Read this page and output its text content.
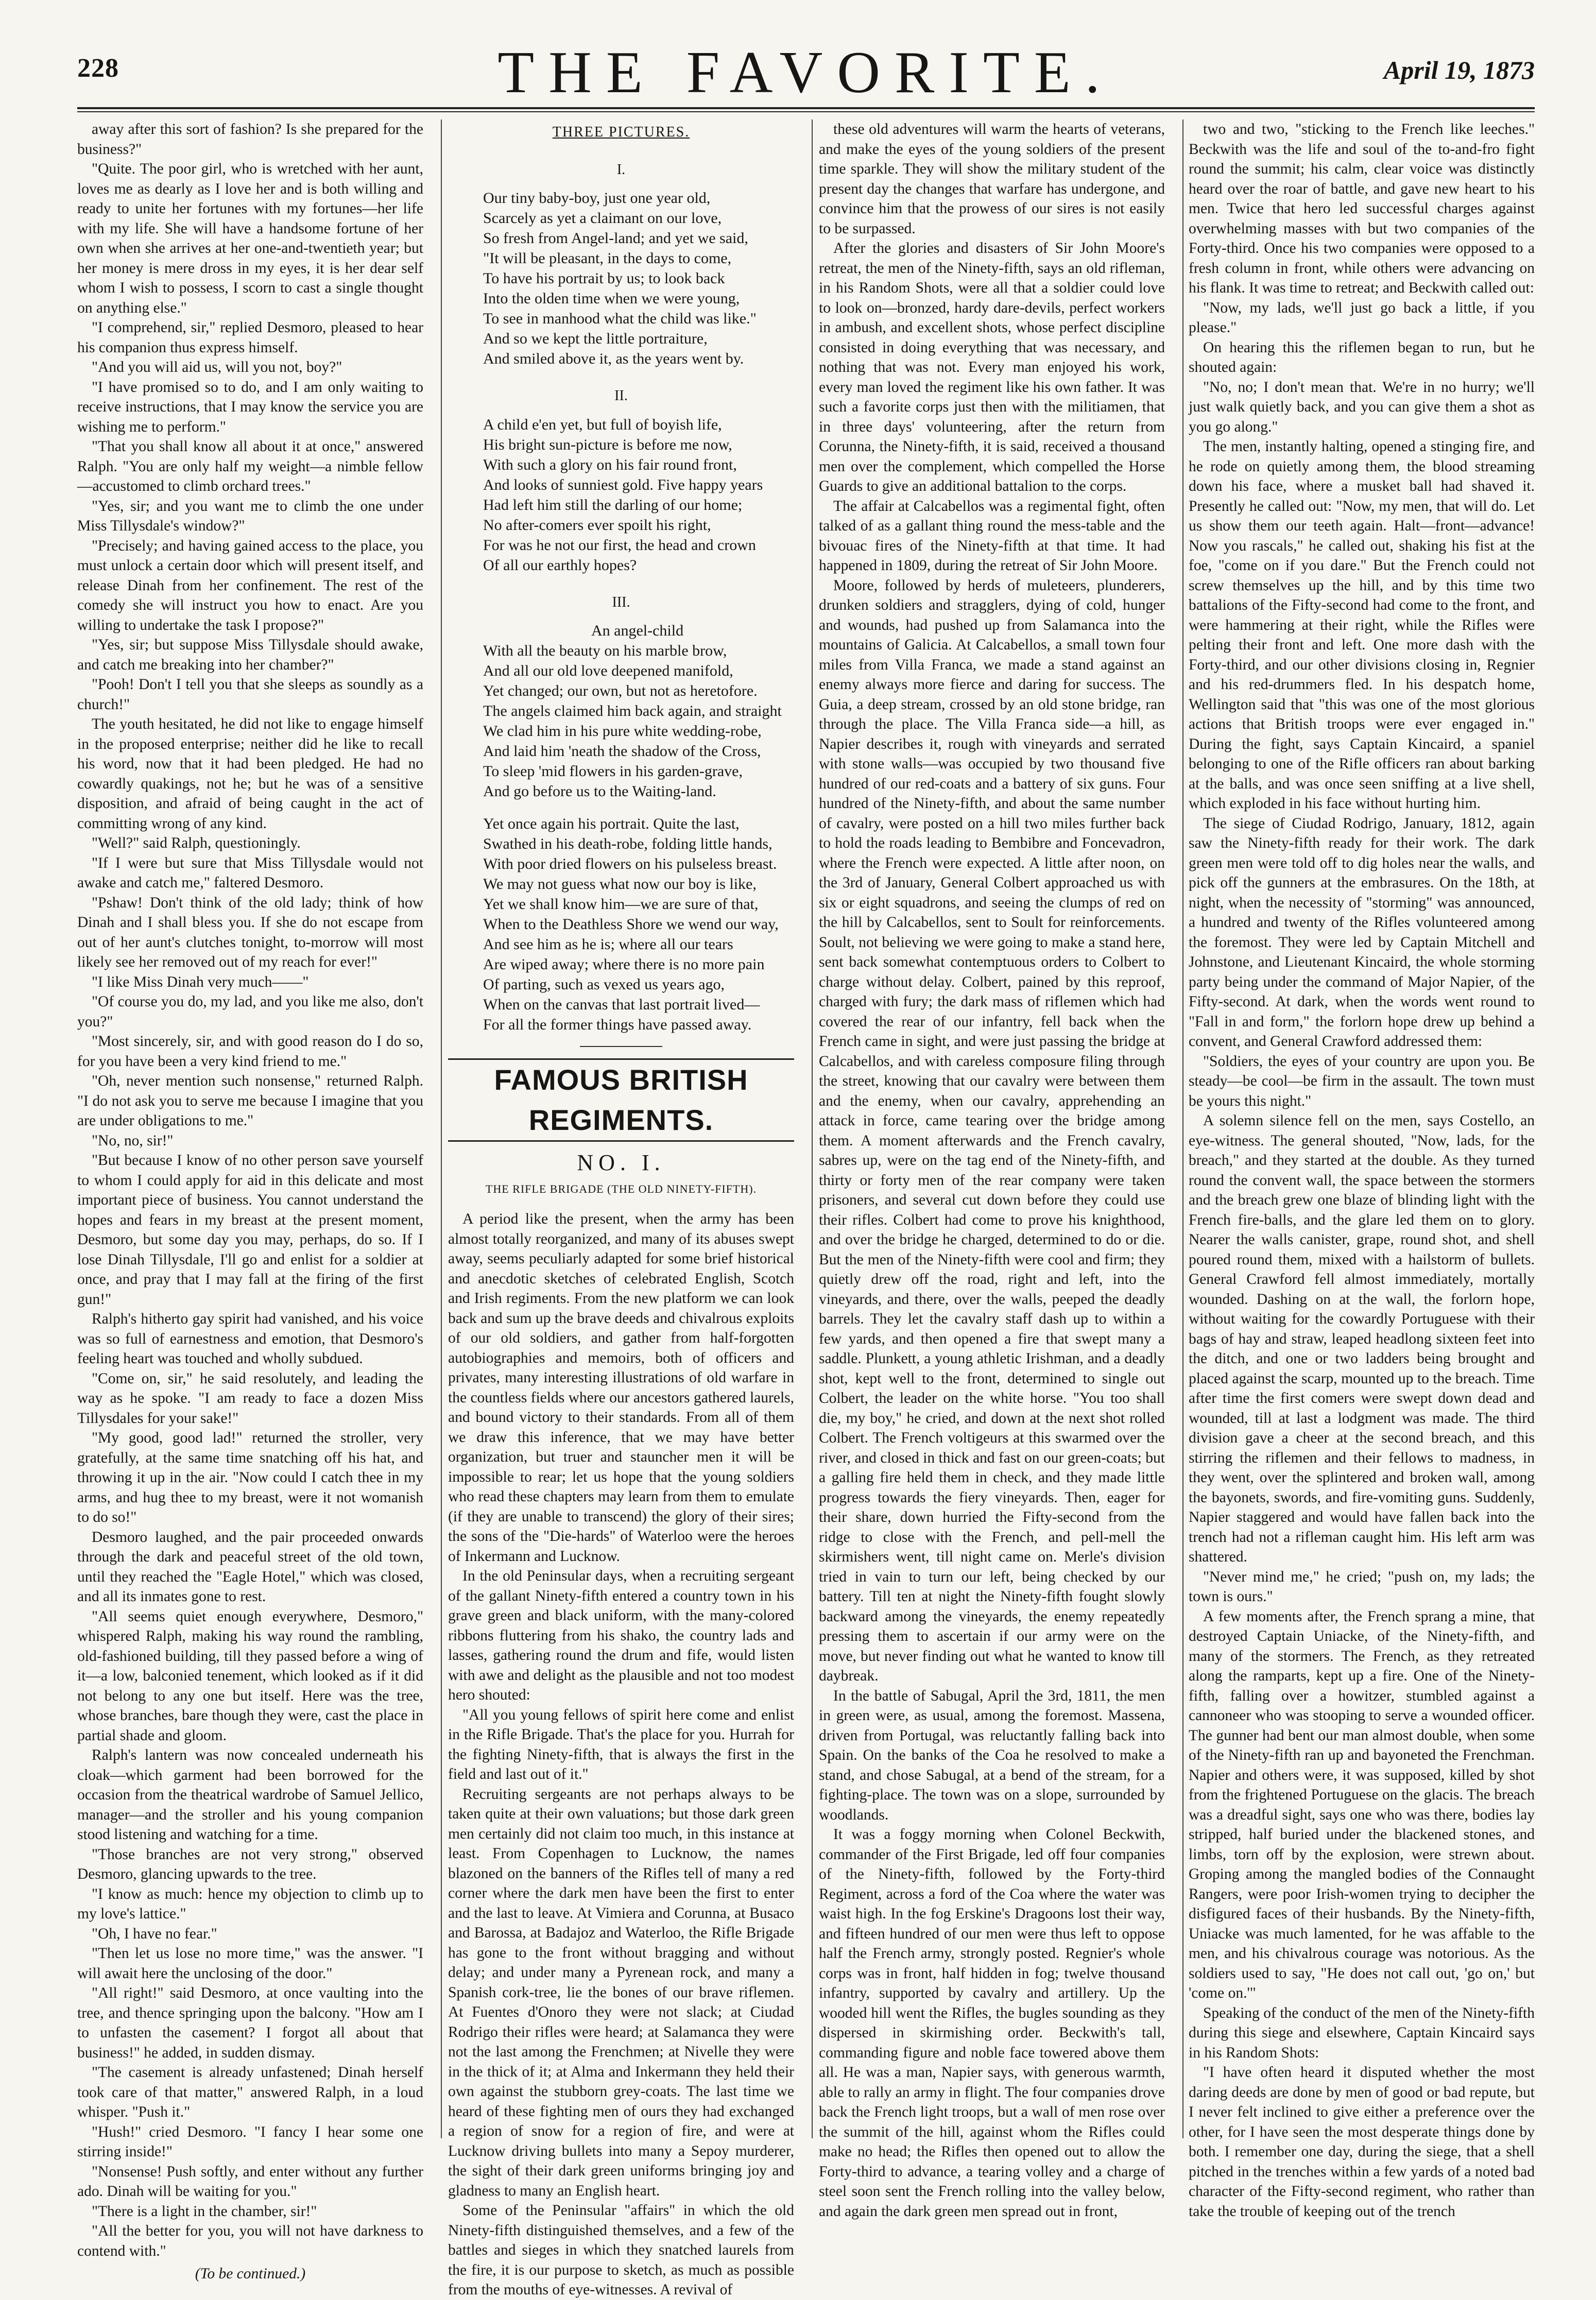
228	THE FAVORITE.	April 19, 1873

away after this sort of fashion? Is she prepared for the business?"

"Quite. The poor girl, who is wretched with her aunt, loves me as dearly as I love her and is both willing and ready to unite her fortunes with my fortunes—her life with my life. She will have a handsome fortune of her own when she arrives at her one-and-twentieth year; but her money is mere dross in my eyes, it is her dear self whom I wish to possess, I scorn to cast a single thought on anything else."

"I comprehend, sir," replied Desmoro, pleased to hear his companion thus express himself.

"And you will aid us, will you not, boy?"

"I have promised so to do, and I am only waiting to receive instructions, that I may know the service you are wishing me to perform."

"That you shall know all about it at once," answered Ralph. "You are only half my weight—a nimble fellow—accustomed to climb orchard trees."

"Yes, sir; and you want me to climb the one under Miss Tillysdale's window?"

"Precisely; and having gained access to the place, you must unlock a certain door which will present itself, and release Dinah from her confinement. The rest of the comedy she will instruct you how to enact. Are you willing to undertake the task I propose?"

"Yes, sir; but suppose Miss Tillysdale should awake, and catch me breaking into her chamber?"

"Pooh! Don't I tell you that she sleeps as soundly as a church!"

The youth hesitated, he did not like to engage himself in the proposed enterprise; neither did he like to recall his word, now that it had been pledged. He had no cowardly quakings, not he; but he was of a sensitive disposition, and afraid of being caught in the act of committing wrong of any kind.

"Well?" said Ralph, questioningly.

"If I were but sure that Miss Tillysdale would not awake and catch me," faltered Desmoro.

"Pshaw! Don't think of the old lady; think of how Dinah and I shall bless you. If she do not escape from out of her aunt's clutches tonight, to-morrow will most likely see her removed out of my reach for ever!"

"I like Miss Dinah very much——"

"Of course you do, my lad, and you like me also, don't you?"

"Most sincerely, sir, and with good reason do I do so, for you have been a very kind friend to me."

"Oh, never mention such nonsense," returned Ralph. "I do not ask you to serve me because I imagine that you are under obligations to me."

"No, no, sir!"

"But because I know of no other person save yourself to whom I could apply for aid in this delicate and most important piece of business. You cannot understand the hopes and fears in my breast at the present moment, Desmoro, but some day you may, perhaps, do so. If I lose Dinah Tillysdale, I'll go and enlist for a soldier at once, and pray that I may fall at the firing of the first gun!"

Ralph's hitherto gay spirit had vanished, and his voice was so full of earnestness and emotion, that Desmoro's feeling heart was touched and wholly subdued.

"Come on, sir," he said resolutely, and leading the way as he spoke. "I am ready to face a dozen Miss Tillysdales for your sake!"

"My good, good lad!" returned the stroller, very gratefully, at the same time snatching off his hat, and throwing it up in the air. "Now could I catch thee in my arms, and hug thee to my breast, were it not womanish to do so!"

Desmoro laughed, and the pair proceeded onwards through the dark and peaceful street of the old town, until they reached the "Eagle Hotel," which was closed, and all its inmates gone to rest.

"All seems quiet enough everywhere, Desmoro," whispered Ralph, making his way round the rambling, old-fashioned building, till they passed before a wing of it—a low, balconied tenement, which looked as if it did not belong to any one but itself. Here was the tree, whose branches, bare though they were, cast the place in partial shade and gloom.

Ralph's lantern was now concealed underneath his cloak—which garment had been borrowed for the occasion from the theatrical wardrobe of Samuel Jellico, manager—and the stroller and his young companion stood listening and watching for a time.

"Those branches are not very strong," observed Desmoro, glancing upwards to the tree.

"I know as much: hence my objection to climb up to my love's lattice."

"Oh, I have no fear."

"Then let us lose no more time," was the answer. "I will await here the unclosing of the door."

"All right!" said Desmoro, at once vaulting into the tree, and thence springing upon the balcony. "How am I to unfasten the casement? I forgot all about that business!" he added, in sudden dismay.

"The casement is already unfastened; Dinah herself took care of that matter," answered Ralph, in a loud whisper. "Push it."

"Hush!" cried Desmoro. "I fancy I hear some one stirring inside!"

"Nonsense! Push softly, and enter without any further ado. Dinah will be waiting for you."

"There is a light in the chamber, sir!"

"All the better for you, you will not have darkness to contend with."

(To be continued.)
THREE PICTURES.
I.

Our tiny baby-boy, just one year old,

Scarcely as yet a claimant on our love,

So fresh from Angel-land; and yet we said,

"It will be pleasant, in the days to come,

To have his portrait by us; to look back

Into the olden time when we were young,

To see in manhood what the child was like."

And so we kept the little portraiture,

And smiled above it, as the years went by.

II.

A child e'en yet, but full of boyish life,

His bright sun-picture is before me now,

With such a glory on his fair round front,

And looks of sunniest gold. Five happy years

Had left him still the darling of our home;

No after-comers ever spoilt his right,

For was he not our first, the head and crown

Of all our earthly hopes?

III.

An angel-child

With all the beauty on his marble brow,

And all our old love deepened manifold,

Yet changed; our own, but not as heretofore.

The angels claimed him back again, and straight

We clad him in his pure white wedding-robe,

And laid him 'neath the shadow of the Cross,

To sleep 'mid flowers in his garden-grave,

And go before us to the Waiting-land.

Yet once again his portrait. Quite the last,

Swathed in his death-robe, folding little hands,

With poor dried flowers on his pulseless breast.

We may not guess what now our boy is like,

Yet we shall know him—we are sure of that,

When to the Deathless Shore we wend our way,

And see him as he is; where all our tears

Are wiped away; where there is no more pain

Of parting, such as vexed us years ago,

When on the canvas that last portrait lived—

For all the former things have passed away.

FAMOUS BRITISH REGIMENTS.
NO. I.
THE RIFLE BRIGADE (THE OLD NINETY-FIFTH).

A period like the present, when the army has been almost totally reorganized, and many of its abuses swept away, seems peculiarly adapted for some brief historical and anecdotic sketches of celebrated English, Scotch and Irish regiments. From the new platform we can look back and sum up the brave deeds and chivalrous exploits of our old soldiers, and gather from half-forgotten autobiographies and memoirs, both of officers and privates, many interesting illustrations of old warfare in the countless fields where our ancestors gathered laurels, and bound victory to their standards. From all of them we draw this inference, that we may have better organization, but truer and stauncher men it will be impossible to rear; let us hope that the young soldiers who read these chapters may learn from them to emulate (if they are unable to transcend) the glory of their sires; the sons of the "Die-hards" of Waterloo were the heroes of Inkermann and Lucknow.

In the old Peninsular days, when a recruiting sergeant of the gallant Ninety-fifth entered a country town in his grave green and black uniform, with the many-colored ribbons fluttering from his shako, the country lads and lasses, gathering round the drum and fife, would listen with awe and delight as the plausible and not too modest hero shouted:

"All you young fellows of spirit here come and enlist in the Rifle Brigade. That's the place for you. Hurrah for the fighting Ninety-fifth, that is always the first in the field and last out of it."

Recruiting sergeants are not perhaps always to be taken quite at their own valuations; but those dark green men certainly did not claim too much, in this instance at least. From Copenhagen to Lucknow, the names blazoned on the banners of the Rifles tell of many a red corner where the dark men have been the first to enter and the last to leave. At Vimiera and Corunna, at Busaco and Barossa, at Badajoz and Waterloo, the Rifle Brigade has gone to the front without bragging and without delay; and under many a Pyrenean rock, and many a Spanish cork-tree, lie the bones of our brave riflemen. At Fuentes d'Onoro they were not slack; at Ciudad Rodrigo their rifles were heard; at Salamanca they were not the last among the Frenchmen; at Nivelle they were in the thick of it; at Alma and Inkermann they held their own against the stubborn grey-coats. The last time we heard of these fighting men of ours they had exchanged a region of snow for a region of fire, and were at Lucknow driving bullets into many a Sepoy murderer, the sight of their dark green uniforms bringing joy and gladness to many an English heart.

Some of the Peninsular "affairs" in which the old Ninety-fifth distinguished themselves, and a few of the battles and sieges in which they snatched laurels from the fire, it is our purpose to sketch, as much as possible from the mouths of eye-witnesses. A revival of

these old adventures will warm the hearts of veterans, and make the eyes of the young soldiers of the present time sparkle. They will show the military student of the present day the changes that warfare has undergone, and convince him that the prowess of our sires is not easily to be surpassed.

After the glories and disasters of Sir John Moore's retreat, the men of the Ninety-fifth, says an old rifleman, in his Random Shots, were all that a soldier could love to look on—bronzed, hardy dare-devils, perfect workers in ambush, and excellent shots, whose perfect discipline consisted in doing everything that was necessary, and nothing that was not. Every man enjoyed his work, every man loved the regiment like his own father. It was such a favorite corps just then with the militiamen, that in three days' volunteering, after the return from Corunna, the Ninety-fifth, it is said, received a thousand men over the complement, which compelled the Horse Guards to give an additional battalion to the corps.

The affair at Calcabellos was a regimental fight, often talked of as a gallant thing round the mess-table and the bivouac fires of the Ninety-fifth at that time. It had happened in 1809, during the retreat of Sir John Moore.

Moore, followed by herds of muleteers, plunderers, drunken soldiers and stragglers, dying of cold, hunger and wounds, had pushed up from Salamanca into the mountains of Galicia. At Calcabellos, a small town four miles from Villa Franca, we made a stand against an enemy always more fierce and daring for success. The Guia, a deep stream, crossed by an old stone bridge, ran through the place. The Villa Franca side—a hill, as Napier describes it, rough with vineyards and serrated with stone walls—was occupied by two thousand five hundred of our red-coats and a battery of six guns. Four hundred of the Ninety-fifth, and about the same number of cavalry, were posted on a hill two miles further back to hold the roads leading to Bembibre and Foncevadron, where the French were expected. A little after noon, on the 3rd of January, General Colbert approached us with six or eight squadrons, and seeing the clumps of red on the hill by Calcabellos, sent to Soult for reinforcements. Soult, not believing we were going to make a stand here, sent back somewhat contemptuous orders to Colbert to charge without delay. Colbert, pained by this reproof, charged with fury; the dark mass of riflemen which had covered the rear of our infantry, fell back when the French came in sight, and were just passing the bridge at Calcabellos, and with careless composure filing through the street, knowing that our cavalry were between them and the enemy, when our cavalry, apprehending an attack in force, came tearing over the bridge among them. A moment afterwards and the French cavalry, sabres up, were on the tag end of the Ninety-fifth, and thirty or forty men of the rear company were taken prisoners, and several cut down before they could use their rifles. Colbert had come to prove his knighthood, and over the bridge he charged, determined to do or die. But the men of the Ninety-fifth were cool and firm; they quietly drew off the road, right and left, into the vineyards, and there, over the walls, peeped the deadly barrels. They let the cavalry staff dash up to within a few yards, and then opened a fire that swept many a saddle. Plunkett, a young athletic Irishman, and a deadly shot, kept well to the front, determined to single out Colbert, the leader on the white horse. "You too shall die, my boy," he cried, and down at the next shot rolled Colbert. The French voltigeurs at this swarmed over the river, and closed in thick and fast on our green-coats; but a galling fire held them in check, and they made little progress towards the fiery vineyards. Then, eager for their share, down hurried the Fifty-second from the ridge to close with the French, and pell-mell the skirmishers went, till night came on. Merle's division tried in vain to turn our left, being checked by our battery. Till ten at night the Ninety-fifth fought slowly backward among the vineyards, the enemy repeatedly pressing them to ascertain if our army were on the move, but never finding out what he wanted to know till daybreak.

In the battle of Sabugal, April the 3rd, 1811, the men in green were, as usual, among the foremost. Massena, driven from Portugal, was reluctantly falling back into Spain. On the banks of the Coa he resolved to make a stand, and chose Sabugal, at a bend of the stream, for a fighting-place. The town was on a slope, surrounded by woodlands.

It was a foggy morning when Colonel Beckwith, commander of the First Brigade, led off four companies of the Ninety-fifth, followed by the Forty-third Regiment, across a ford of the Coa where the water was waist high. In the fog Erskine's Dragoons lost their way, and fifteen hundred of our men were thus left to oppose half the French army, strongly posted. Regnier's whole corps was in front, half hidden in fog; twelve thousand infantry, supported by cavalry and artillery. Up the wooded hill went the Rifles, the bugles sounding as they dispersed in skirmishing order. Beckwith's tall, commanding figure and noble face towered above them all. He was a man, Napier says, with generous warmth, able to rally an army in flight. The four companies drove back the French light troops, but a wall of men rose over the summit of the hill, against whom the Rifles could make no head; the Rifles then opened out to allow the Forty-third to advance, a tearing volley and a charge of steel soon sent the French rolling into the valley below, and again the dark green men spread out in front,

two and two, "sticking to the French like leeches." Beckwith was the life and soul of the to-and-fro fight round the summit; his calm, clear voice was distinctly heard over the roar of battle, and gave new heart to his men. Twice that hero led successful charges against overwhelming masses with but two companies of the Forty-third. Once his two companies were opposed to a fresh column in front, while others were advancing on his flank. It was time to retreat; and Beckwith called out:

"Now, my lads, we'll just go back a little, if you please."

On hearing this the riflemen began to run, but he shouted again:

"No, no; I don't mean that. We're in no hurry; we'll just walk quietly back, and you can give them a shot as you go along."

The men, instantly halting, opened a stinging fire, and he rode on quietly among them, the blood streaming down his face, where a musket ball had shaved it. Presently he called out: "Now, my men, that will do. Let us show them our teeth again. Halt—front—advance! Now you rascals," he called out, shaking his fist at the foe, "come on if you dare." But the French could not screw themselves up the hill, and by this time two battalions of the Fifty-second had come to the front, and were hammering at their right, while the Rifles were pelting their front and left. One more dash with the Forty-third, and our other divisions closing in, Regnier and his red-drummers fled. In his despatch home, Wellington said that "this was one of the most glorious actions that British troops were ever engaged in." During the fight, says Captain Kincaird, a spaniel belonging to one of the Rifle officers ran about barking at the balls, and was once seen sniffing at a live shell, which exploded in his face without hurting him.

The siege of Ciudad Rodrigo, January, 1812, again saw the Ninety-fifth ready for their work. The dark green men were told off to dig holes near the walls, and pick off the gunners at the embrasures. On the 18th, at night, when the necessity of "storming" was announced, a hundred and twenty of the Rifles volunteered among the foremost. They were led by Captain Mitchell and Johnstone, and Lieutenant Kincaird, the whole storming party being under the command of Major Napier, of the Fifty-second. At dark, when the words went round to "Fall in and form," the forlorn hope drew up behind a convent, and General Crawford addressed them:

"Soldiers, the eyes of your country are upon you. Be steady—be cool—be firm in the assault. The town must be yours this night."

A solemn silence fell on the men, says Costello, an eye-witness. The general shouted, "Now, lads, for the breach," and they started at the double. As they turned round the convent wall, the space between the stormers and the breach grew one blaze of blinding light with the French fire-balls, and the glare led them on to glory. Nearer the walls canister, grape, round shot, and shell poured round them, mixed with a hailstorm of bullets. General Crawford fell almost immediately, mortally wounded. Dashing on at the wall, the forlorn hope, without waiting for the cowardly Portuguese with their bags of hay and straw, leaped headlong sixteen feet into the ditch, and one or two ladders being brought and placed against the scarp, mounted up to the breach. Time after time the first comers were swept down dead and wounded, till at last a lodgment was made. The third division gave a cheer at the second breach, and this stirring the riflemen and their fellows to madness, in they went, over the splintered and broken wall, among the bayonets, swords, and fire-vomiting guns. Suddenly, Napier staggered and would have fallen back into the trench had not a rifleman caught him. His left arm was shattered.

"Never mind me," he cried; "push on, my lads; the town is ours."

A few moments after, the French sprang a mine, that destroyed Captain Uniacke, of the Ninety-fifth, and many of the stormers. The French, as they retreated along the ramparts, kept up a fire. One of the Ninety-fifth, falling over a howitzer, stumbled against a cannoneer who was stooping to serve a wounded officer. The gunner had bent our man almost double, when some of the Ninety-fifth ran up and bayoneted the Frenchman. Napier and others were, it was supposed, killed by shot from the frightened Portuguese on the glacis. The breach was a dreadful sight, says one who was there, bodies lay stripped, half buried under the blackened stones, and limbs, torn off by the explosion, were strewn about. Groping among the mangled bodies of the Connaught Rangers, were poor Irish-women trying to decipher the disfigured faces of their husbands. By the Ninety-fifth, Uniacke was much lamented, for he was affable to the men, and his chivalrous courage was notorious. As the soldiers used to say, "He does not call out, 'go on,' but 'come on.'"

Speaking of the conduct of the men of the Ninety-fifth during this siege and elsewhere, Captain Kincaird says in his Random Shots:

"I have often heard it disputed whether the most daring deeds are done by men of good or bad repute, but I never felt inclined to give either a preference over the other, for I have seen the most desperate things done by both. I remember one day, during the siege, that a shell pitched in the trenches within a few yards of a noted bad character of the Fifty-second regiment, who rather than take the trouble of keeping out of the trench
